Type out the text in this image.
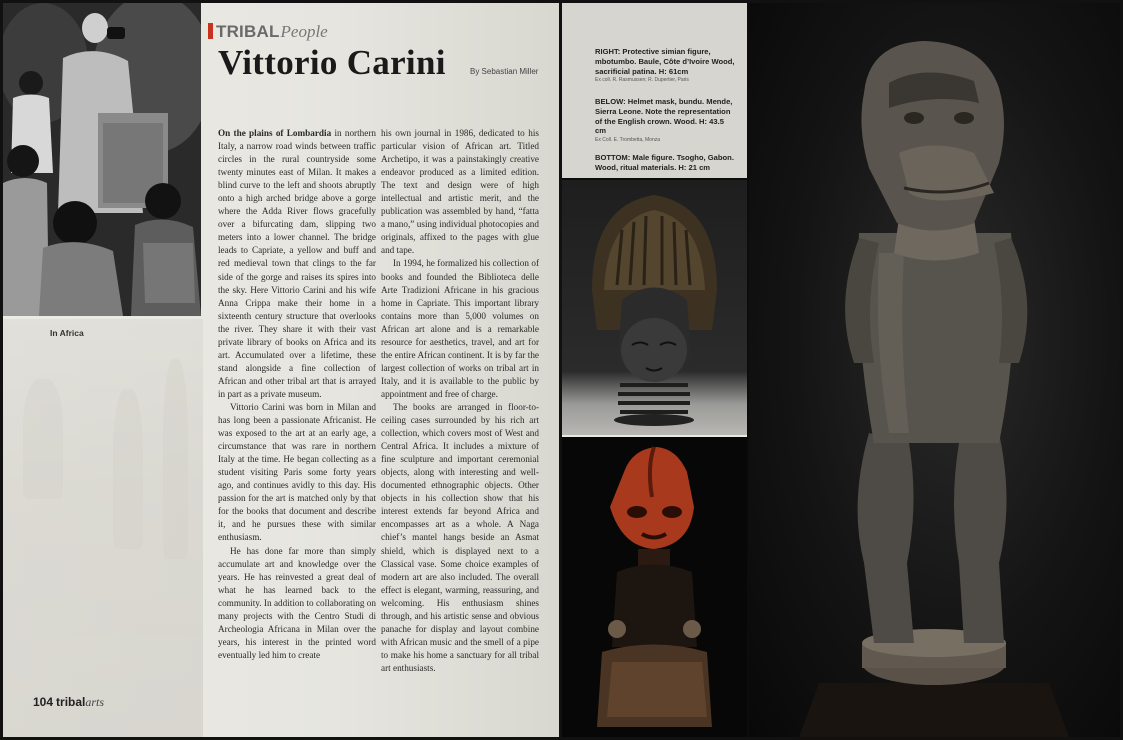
In Africa
TRIBAL People
Vittorio Carini	By Sebastian Miller

On the plains of Lombardia in northern Italy, a narrow road winds between traffic circles in the rural countryside some twenty minutes east of Milan. It makes a blind curve to the left and shoots abruptly onto a high arched bridge above a gorge where the Adda River flows gracefully over a bifurcating dam, slipping two meters into a lower channel. The bridge leads to Capriate, a yellow and buff and red medieval town that clings to the far side of the gorge and raises its spires into the sky. Here Vittorio Carini and his wife Anna Crippa make their home in a sixteenth century structure that overlooks the river. They share it with their vast private library of books on Africa and its art. Accumulated over a lifetime, these stand alongside a fine collection of African and other tribal art that is arrayed in part as a private museum.

Vittorio Carini was born in Milan and has long been a passionate Africanist. He was exposed to the art at an early age, a circumstance that was rare in northern Italy at the time. He began collecting as a student visiting Paris some forty years ago, and continues avidly to this day. His passion for the art is matched only by that for the books that document and describe it, and he pursues these with similar enthusiasm.

He has done far more than simply accumulate art and knowledge over the years. He has reinvested a great deal of what he has learned back to the community. In addition to collaborating on many projects with the Centro Studi di Archeologia Africana in Milan over the years, his interest in the printed word eventually led him to create

his own journal in 1986, dedicated to his particular vision of African art. Titled Archetipo, it was a painstakingly creative endeavor produced as a limited edition. The text and design were of high intellectual and artistic merit, and the publication was assembled by hand, “fatta a mano,” using individual photocopies and originals, affixed to the pages with glue and tape.

In 1994, he formalized his collection of books and founded the Biblioteca delle Arte Tradizioni Africane in his gracious home in Capriate. This important library contains more than 5,000 volumes on African art alone and is a remarkable resource for aesthetics, travel, and art for the entire African continent. It is by far the largest collection of works on tribal art in Italy, and it is available to the public by appointment and free of charge.

The books are arranged in floor-to-ceiling cases surrounded by his rich art collection, which covers most of West and Central Africa. It includes a mixture of fine sculpture and important ceremonial objects, along with interesting and well-documented ethnographic objects. Other objects in his collection show that his interest extends far beyond Africa and encompasses art as a whole. A Naga chief’s mantel hangs beside an Asmat shield, which is displayed next to a Classical vase. Some choice examples of modern art are also included. The overall effect is elegant, warming, reassuring, and welcoming. His enthusiasm shines through, and his artistic sense and obvious panache for display and layout combine with African music and the smell of a pipe to make his home a sanctuary for all tribal art enthusiasts.

104 tribal arts
RIGHT: Protective simian figure, mbotumbo. Baule, Côte d’Ivoire Wood, sacrificial patina. H: 61cm
Ex coll. R. Rasmussen; R. Dupertier, Paris
BELOW: Helmet mask, bundu. Mende, Sierra Leone. Note the representation of the English crown. Wood. H: 43.5 cm
Ex Coll. E. Trombetta, Monza
BOTTOM: Male figure. Tsogho, Gabon. Wood, ritual materials. H: 21 cm
